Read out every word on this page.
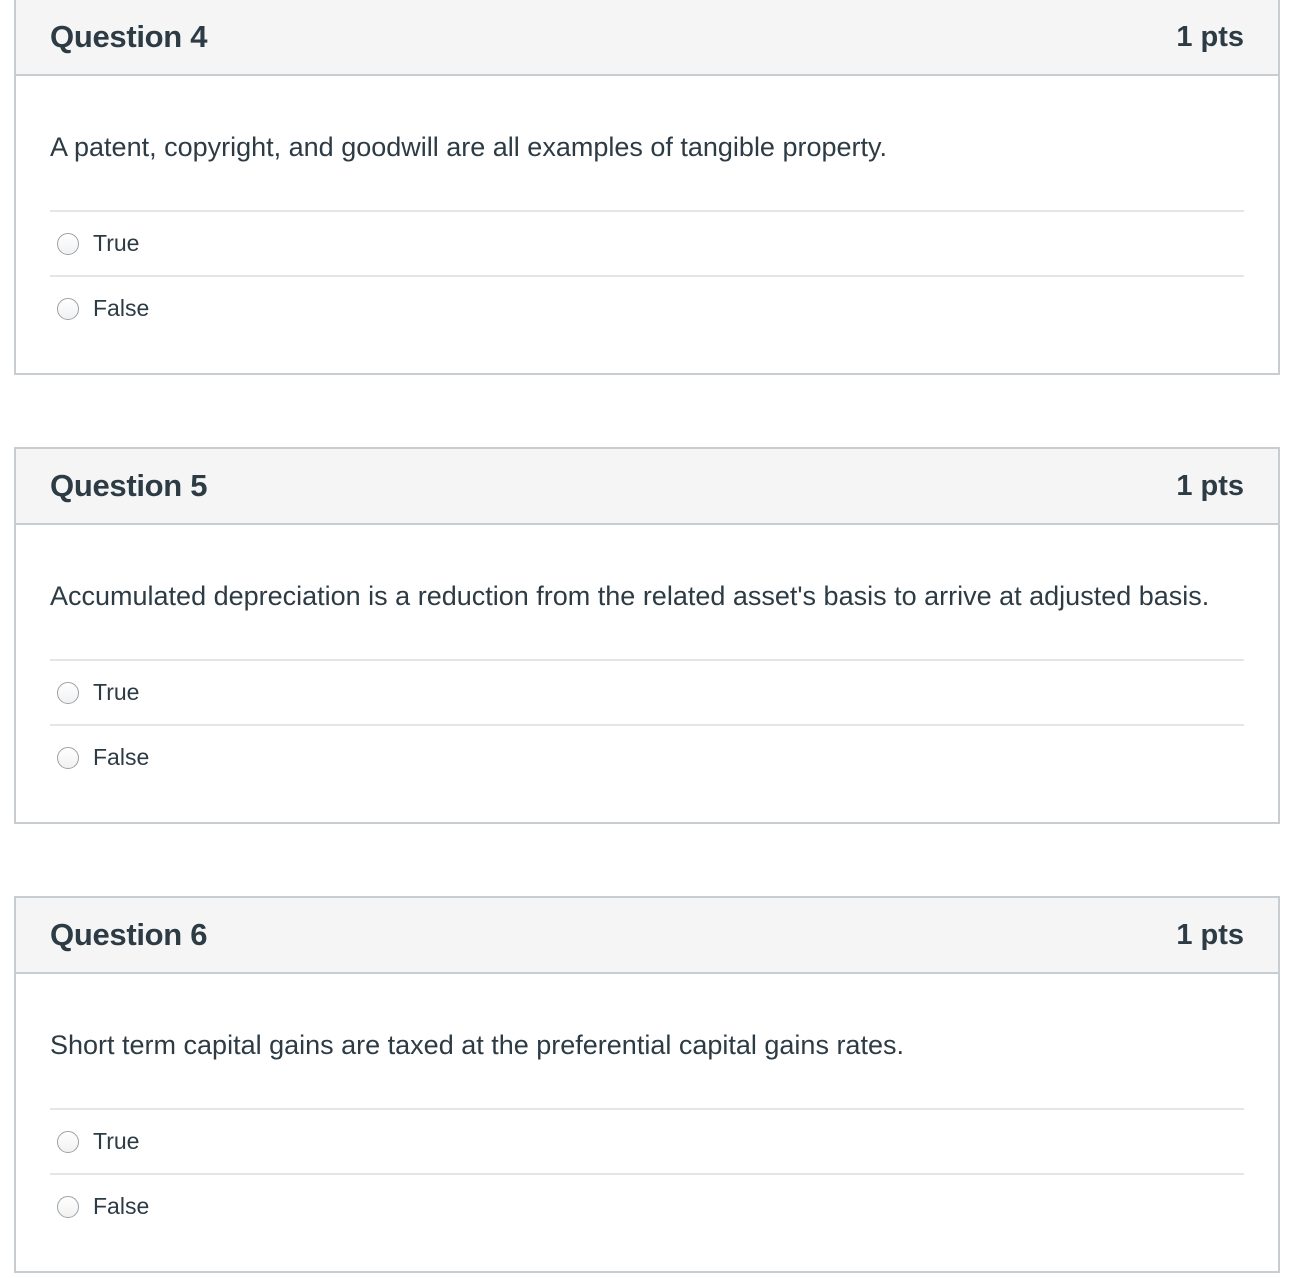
Question 4	1 pts
A patent, copyright, and goodwill are all examples of tangible property.
True
False
Question 5	1 pts
Accumulated depreciation is a reduction from the related asset's basis to arrive at adjusted basis.
True
False
Question 6	1 pts
Short term capital gains are taxed at the preferential capital gains rates.
True
False
